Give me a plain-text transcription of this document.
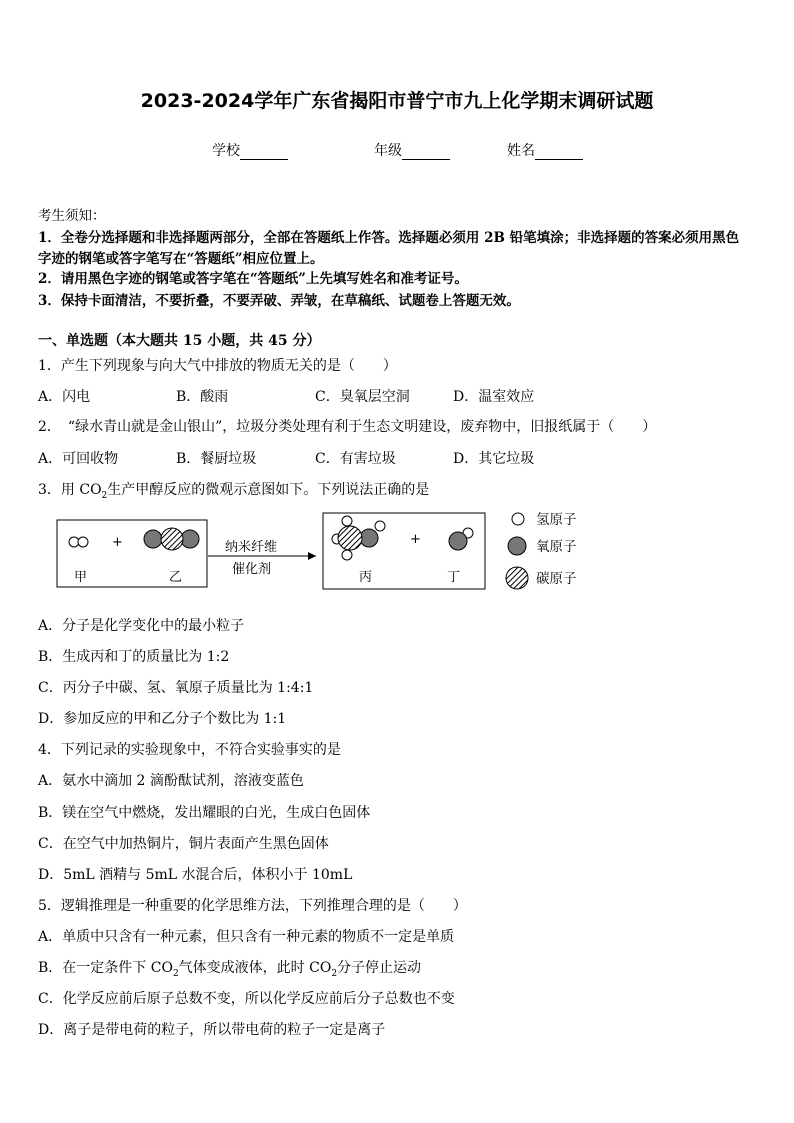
2023-2024学年广东省揭阳市普宁市九上化学期末调研试题
学校	年级	姓名
考生须知：
1．全卷分选择题和非选择题两部分，全部在答题纸上作答。选择题必须用 2B 铅笔填涂；非选择题的答案必须用黑色
字迹的钢笔或答字笔写在“答题纸”相应位置上。
2．请用黑色字迹的钢笔或答字笔在“答题纸”上先填写姓名和准考证号。
3．保持卡面清洁，不要折叠，不要弄破、弄皱，在草稿纸、试题卷上答题无效。
一、单选题（本大题共 15 小题，共 45 分）
1．产生下列现象与向大气中排放的物质无关的是（　　）
A．闪电	B．酸雨	C．臭氧层空洞	D．温室效应
2．　“绿水青山就是金山银山”，垃圾分类处理有利于生态文明建设，废弃物中，旧报纸属于（　　）
A．可回收物	B．餐厨垃圾	C．有害垃圾	D．其它垃圾
3．用 $CO_2$生产甲醇反应的微观示意图如下。下列说法正确的是
+
甲	乙
纳米纤维
催化剂
+
丙	丁
氢原子
氧原子
碳原子
A．分子是化学变化中的最小粒子
B．生成丙和丁的质量比为 1:2
C．丙分子中碳、氢、氧原子质量比为 1:4:1
D．参加反应的甲和乙分子个数比为 1:1
4．下列记录的实验现象中，不符合实验事实的是
A．氨水中滴加 2 滴酚酞试剂，溶液变蓝色
B．镁在空气中燃烧，发出耀眼的白光，生成白色固体
C．在空气中加热铜片，铜片表面产生黑色固体
D．5mL 酒精与 5mL 水混合后，体积小于 10mL
5．逻辑推理是一种重要的化学思维方法，下列推理合理的是（　　）
A．单质中只含有一种元素，但只含有一种元素的物质不一定是单质
B．在一定条件下 $CO_2$气体变成液体，此时 $CO_2$分子停止运动
C．化学反应前后原子总数不变，所以化学反应前后分子总数也不变
D．离子是带电荷的粒子，所以带电荷的粒子一定是离子
